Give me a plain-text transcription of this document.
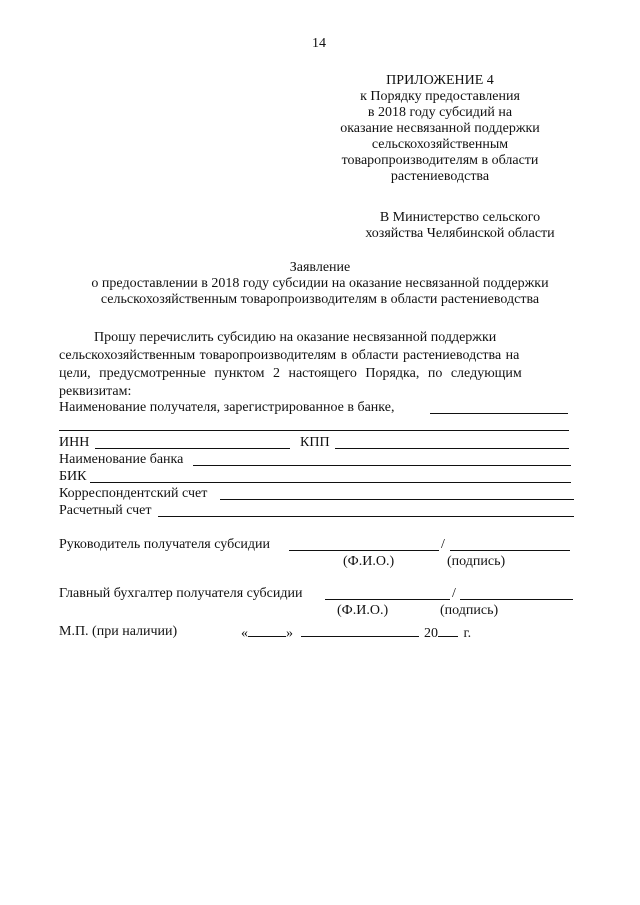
14
ПРИЛОЖЕНИЕ 4
к Порядку предоставления
в 2018 году субсидий на
оказание несвязанной поддержки
сельскохозяйственным
товаропроизводителям в области
растениеводства
В Министерство сельского
хозяйства Челябинской области
Заявление
о предоставлении в 2018 году субсидии на оказание несвязанной поддержки
сельскохозяйственным товаропроизводителям в области растениеводства
Прошу перечислить субсидию на оказание несвязанной поддержки
сельскохозяйственным товаропроизводителям в области растениеводства на
цели, предусмотренные пунктом 2 настоящего Порядка, по следующим
реквизитам:
Наименование получателя, зарегистрированное в банке,
ИНН	КПП
Наименование банка
БИК
Корреспондентский счет
Расчетный счет
Руководитель получателя субсидии	/
(Ф.И.О.)	(подпись)
Главный бухгалтер получателя субсидии	/
(Ф.И.О.)	(подпись)
М.П. (при наличии)	«	»	20 г.
